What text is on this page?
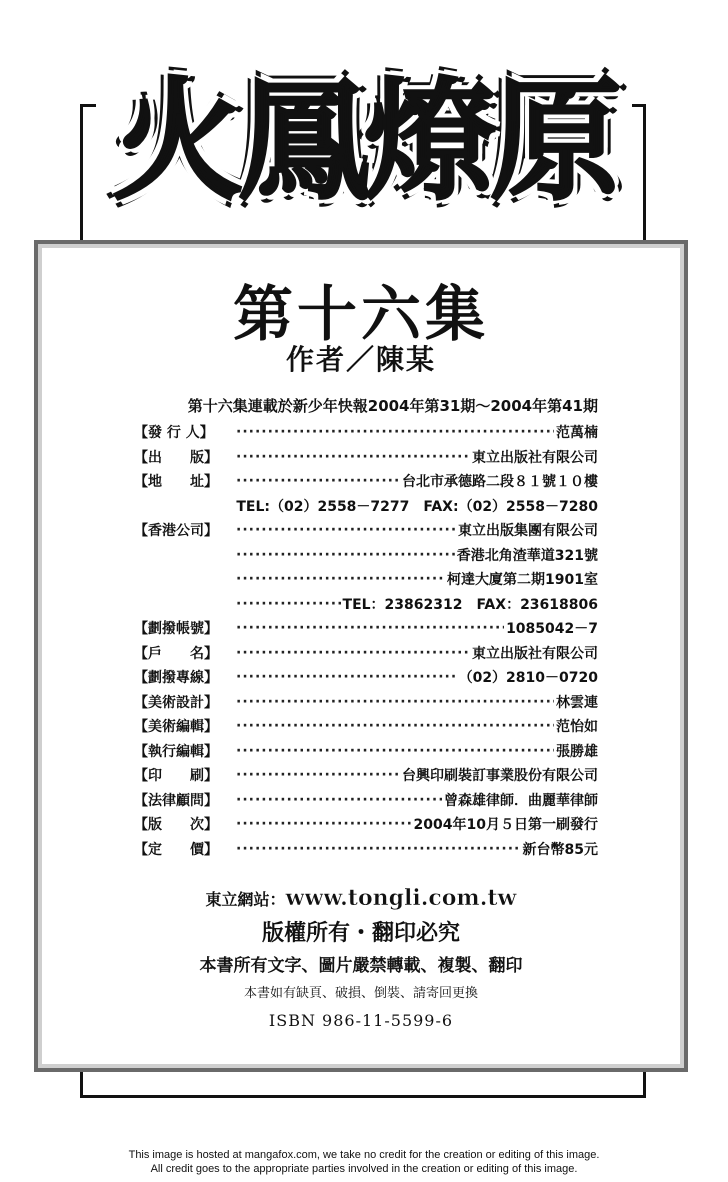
火鳳燎原
第十六集
作者／陳某
第十六集連載於新少年快報2004年第31期～2004年第41期
【發 行 人】 ·····	范萬楠
【出　　版】 ·····	東立出版社有限公司
【地　　址】 ·····	台北市承德路二段８１號１０樓
TEL:（02）2558－7277　FAX:（02）2558－7280
【香港公司】 ·····	東立出版集團有限公司
·····
香港北角渣華道321號
·····
柯達大廈第二期1901室
·····
TEL：23862312　FAX：23618806
【劃撥帳號】 ·····	1085042－7
【戶　　名】 ·····	東立出版社有限公司
【劃撥專線】 ·····	（02）2810－0720
【美術設計】 ·····	林雲連
【美術編輯】 ·····	范怡如
【執行編輯】 ·····	張勝雄
【印　　刷】 ·····	台興印刷裝訂事業股份有限公司
【法律顧問】 ·····	曾森雄律師．曲麗華律師
【版　　次】 ·····	2004年10月５日第一刷發行
【定　　價】 ·····	新台幣85元
東立網站：www.tongli.com.tw
版權所有・翻印必究
本書所有文字、圖片嚴禁轉載、複製、翻印
本書如有缺頁、破損、倒裝、請寄回更換
ISBN 986-11-5599-6
This image is hosted at mangafox.com, we take no credit for the creation or editing of this image.
All credit goes to the appropriate parties involved in the creation or editing of this image.
